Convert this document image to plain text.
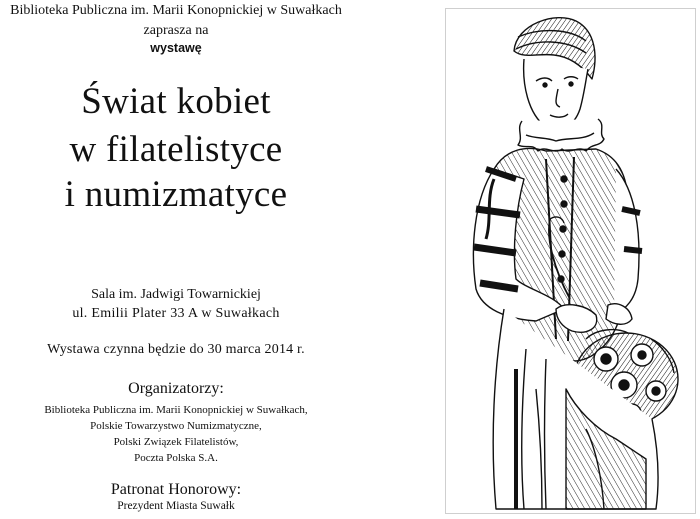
Biblioteka Publiczna im. Marii Konopnickiej w Suwałkach
zaprasza na
wystawę
Świat kobiet
w filatelistyce
i numizmatyce
Sala im. Jadwigi Towarnickiej
ul. Emilii Plater 33 A w Suwałkach
Wystawa czynna będzie do 30 marca 2014 r.
Organizatorzy:
Biblioteka Publiczna im. Marii Konopnickiej w Suwałkach,
Polskie Towarzystwo Numizmatyczne,
Polski Związek Filatelistów,
Poczta Polska S.A.
Patronat Honorowy:
Prezydent Miasta Suwałk
